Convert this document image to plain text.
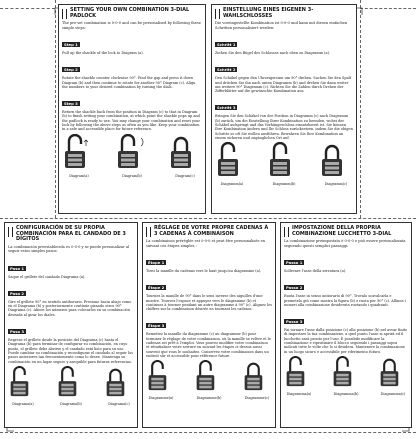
SETTING YOUR OWN COMBINATION 3-DIAL PADLOCK
The pre-set combination is 0-0-0 and can be personalised by following these simple steps:
Step 1
Pull up the shackle of the lock to Diagram (a).
Step 2
Rotate the shackle counter clockwise 90°. Find the gap and press it down Diagram (b) and then continue to rotate for another 90° Diagram (c). Align the numbers to your desired combination by turning the dials.
Step 3
Return the shackle back from the position in Diagram (c) to that in Diagram (b) to finish setting your combination, at which point the shackle pops up and the padlock is ready to use. You may change your combination and reset your lock by following the above steps as often as you like. Keep your combination in a safe and accessible place for future reference.
Diagram(a)	Diagram(b)	Diagram(c)
EINSTELLUNG EINES EIGENEN 3-WAHLSCHLOSSES
Die voreingestellte Kombination ist 0-0-0 und kann mit diesen einfachen Schritten personalisiert werden:
Schritt 1
Ziehen Sie den Bügel des Schlosses nach oben zu Diagramm (a).
Schritt 2
Den Schäkel gegen den Uhrzeigersinn um 90° drehen. Suchen Sie den Spalt und drücken Sie ihn nach unten Diagramm (b) und drehen Sie dann weiter um weitere 90° Diagramm (c). Richten Sie die Zahlen durch Drehen der Zifferblätter auf die gewünschte Kombination aus.
Schritt 3
Bringen Sie den Schäkel von der Position in Diagramm (c) nach Diagramm (b) zurück, um die Einstellung Ihrer Kombination zu beenden, wobei der Schäkel aufspringt und das Vorhängeschloss einsatzbereit ist. Sie können Ihre Kombination ändern und Ihr Schloss zurücksetzen, indem Sie die obigen Schritte so oft Sie wollen ausführen. Bewahren Sie Ihre Kombination an einem sicheren und zugänglichen Ort auf.
Diagramm(a)	Diagramm(b)	Diagramm(c)
CONFIGURACIÓN DE SU PROPIA COMBINACIÓN PARA EL CANDADO DE 3 DÍGITOS
La combinación preestablecida es 0-0-0 y se puede personalizar al seguir estos simples pasos:
Paso 1
Saque el grillete del candado Diagrama (a).
Paso 2
Gire el grillete 90° en sentido antihorario. Presione hacia abajo como en el Diagrama (b) y posteriormente continúe girando otros 90° Diagrama (c). Alinee los números para colocarlos en su combinación deseada al girar los diales.
Paso 3
Regrese el grillete desde la posición del Diagrama (c) hasta el Diagrama (b) para terminar de configurar su combinación, en cuyo punto, el grillete debe abrirse y el candado está listo para su uso. Puede cambiar su combinación y reconfigurar el candado al seguir los pasos anteriores tan frecuentemente como lo desee. Mantenga su combinación en un lugar seguro y asequible para futuras referencias.
Diagrama(a)	Diagrama(b)	Diagrama(c)
RÉGLAGE DE VOTRE PROPRE CADENAS À 3 CADENAS À COMBINAISON
La combinaison préréglée est 0-0-0 et peut être personnalisée en suivant ces étapes simples :
Étape 1
Tirez la manille du cadenas vers le haut jusqu'au diagramme (a).
Étape 2
Tournez la manille de 90° dans le sens inverse des aiguilles d'une montre. Trouvez l'espace et appuyez vers le diagramme (b) et continuez à tourner pendant un autre diagramme à 90° (c). Alignez les chiffres sur la combinaison désirée en tournant les cadrans.
Étape 3
Remettez la manille du diagramme (c) au diagramme (b) pour terminer le réglage de votre combinaison, où la manille se relève et le cadenas est prêt à l'emploi. Vous pouvez modifier votre combinaison et réinitialiser votre serrure en suivant les étapes ci-dessus aussi souvent que vous le souhaitez. Conservez votre combinaison dans un endroit sûr et accessible pour référence future.
Diagramme(a)	Diagramme(b)	Diagramme(c)
IMPOSTAZIONE DELLA PROPRIA COMBINAZIONE LUCCHETTO 3-DIAL
La combinazione preimpostata è 0-0-0 e può essere personalizzata seguendo questi semplici passaggi:
Passo 1
Sollevare l'asse della serratura (a).
Passo 2
Ruota l'asse in senso antiorario di 90°. Trovalo scavalcarla e premetelo giù come mostra la figura (b) e ruota per 90° (c). Allinea i numeri alla combinazione desiderata ruotando i quadranti.
Passo 3
Fai tornare l'asse dalla posizione (c) alla posizione (b) nel avvar finito di impostare la tua combinazione, a quel punto l'asse si aprirà ed il lucchetto sarà pronto per l'uso. È possibile modificare la combinazione e ripristinare il blocco seguendo i passaggi sopra indicati tutte le volte che lo si desidera. Mantenere la combinazione in un luogo sicuro e accessibile per riferimento futuro.
Diagramma(a)	Diagramma(b)	Diagramma(c)
